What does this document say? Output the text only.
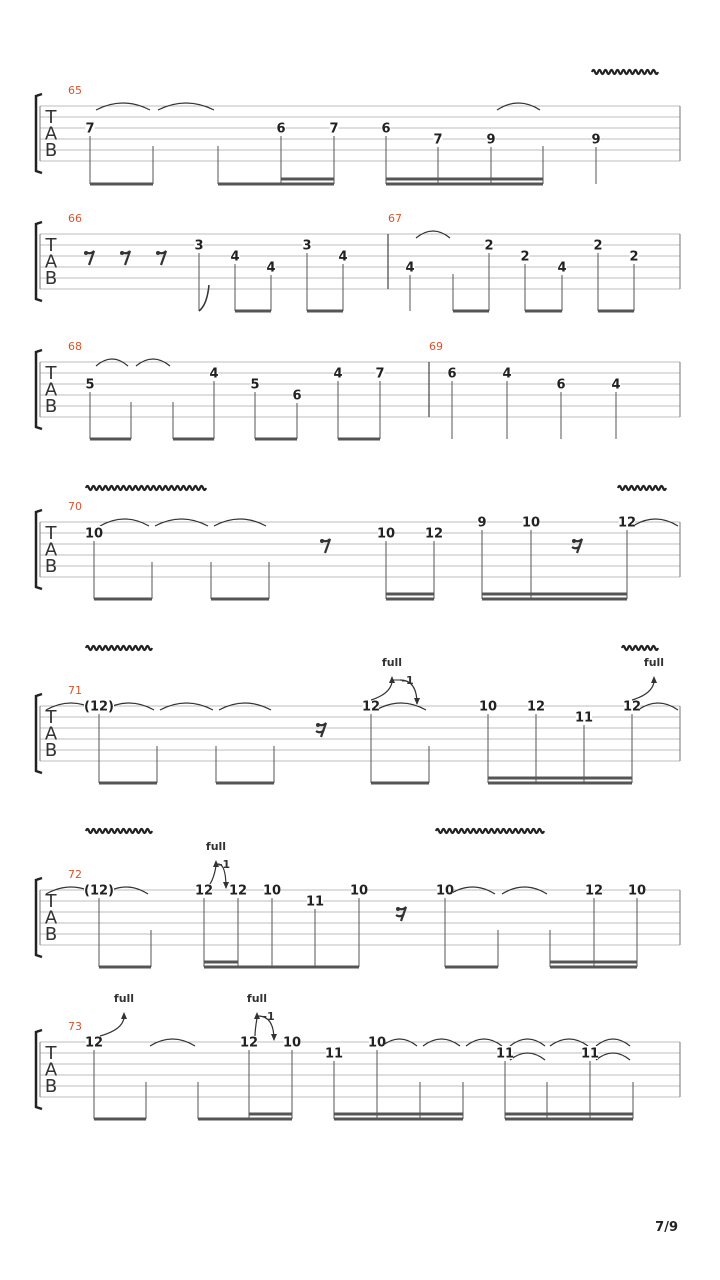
T
A
B
65
7	6	7	6
7	9	9
T
A
B
66	67
3
4
4
3
4
4
2
2
4
2
2
T
A
B
68	69
5
4
5
6
4	7	6	4
6	4
T
A
B
70
10	10 12
9	10	12
T
A
B
71
(12)	12	10 12
11
12
full
-1
full
T
A
B
72
(12)	12 12 10
11
10	10	12 10
full
-1
T
A
B
73
12	12 10
11
10
11	11
full	full
-1
7/9
